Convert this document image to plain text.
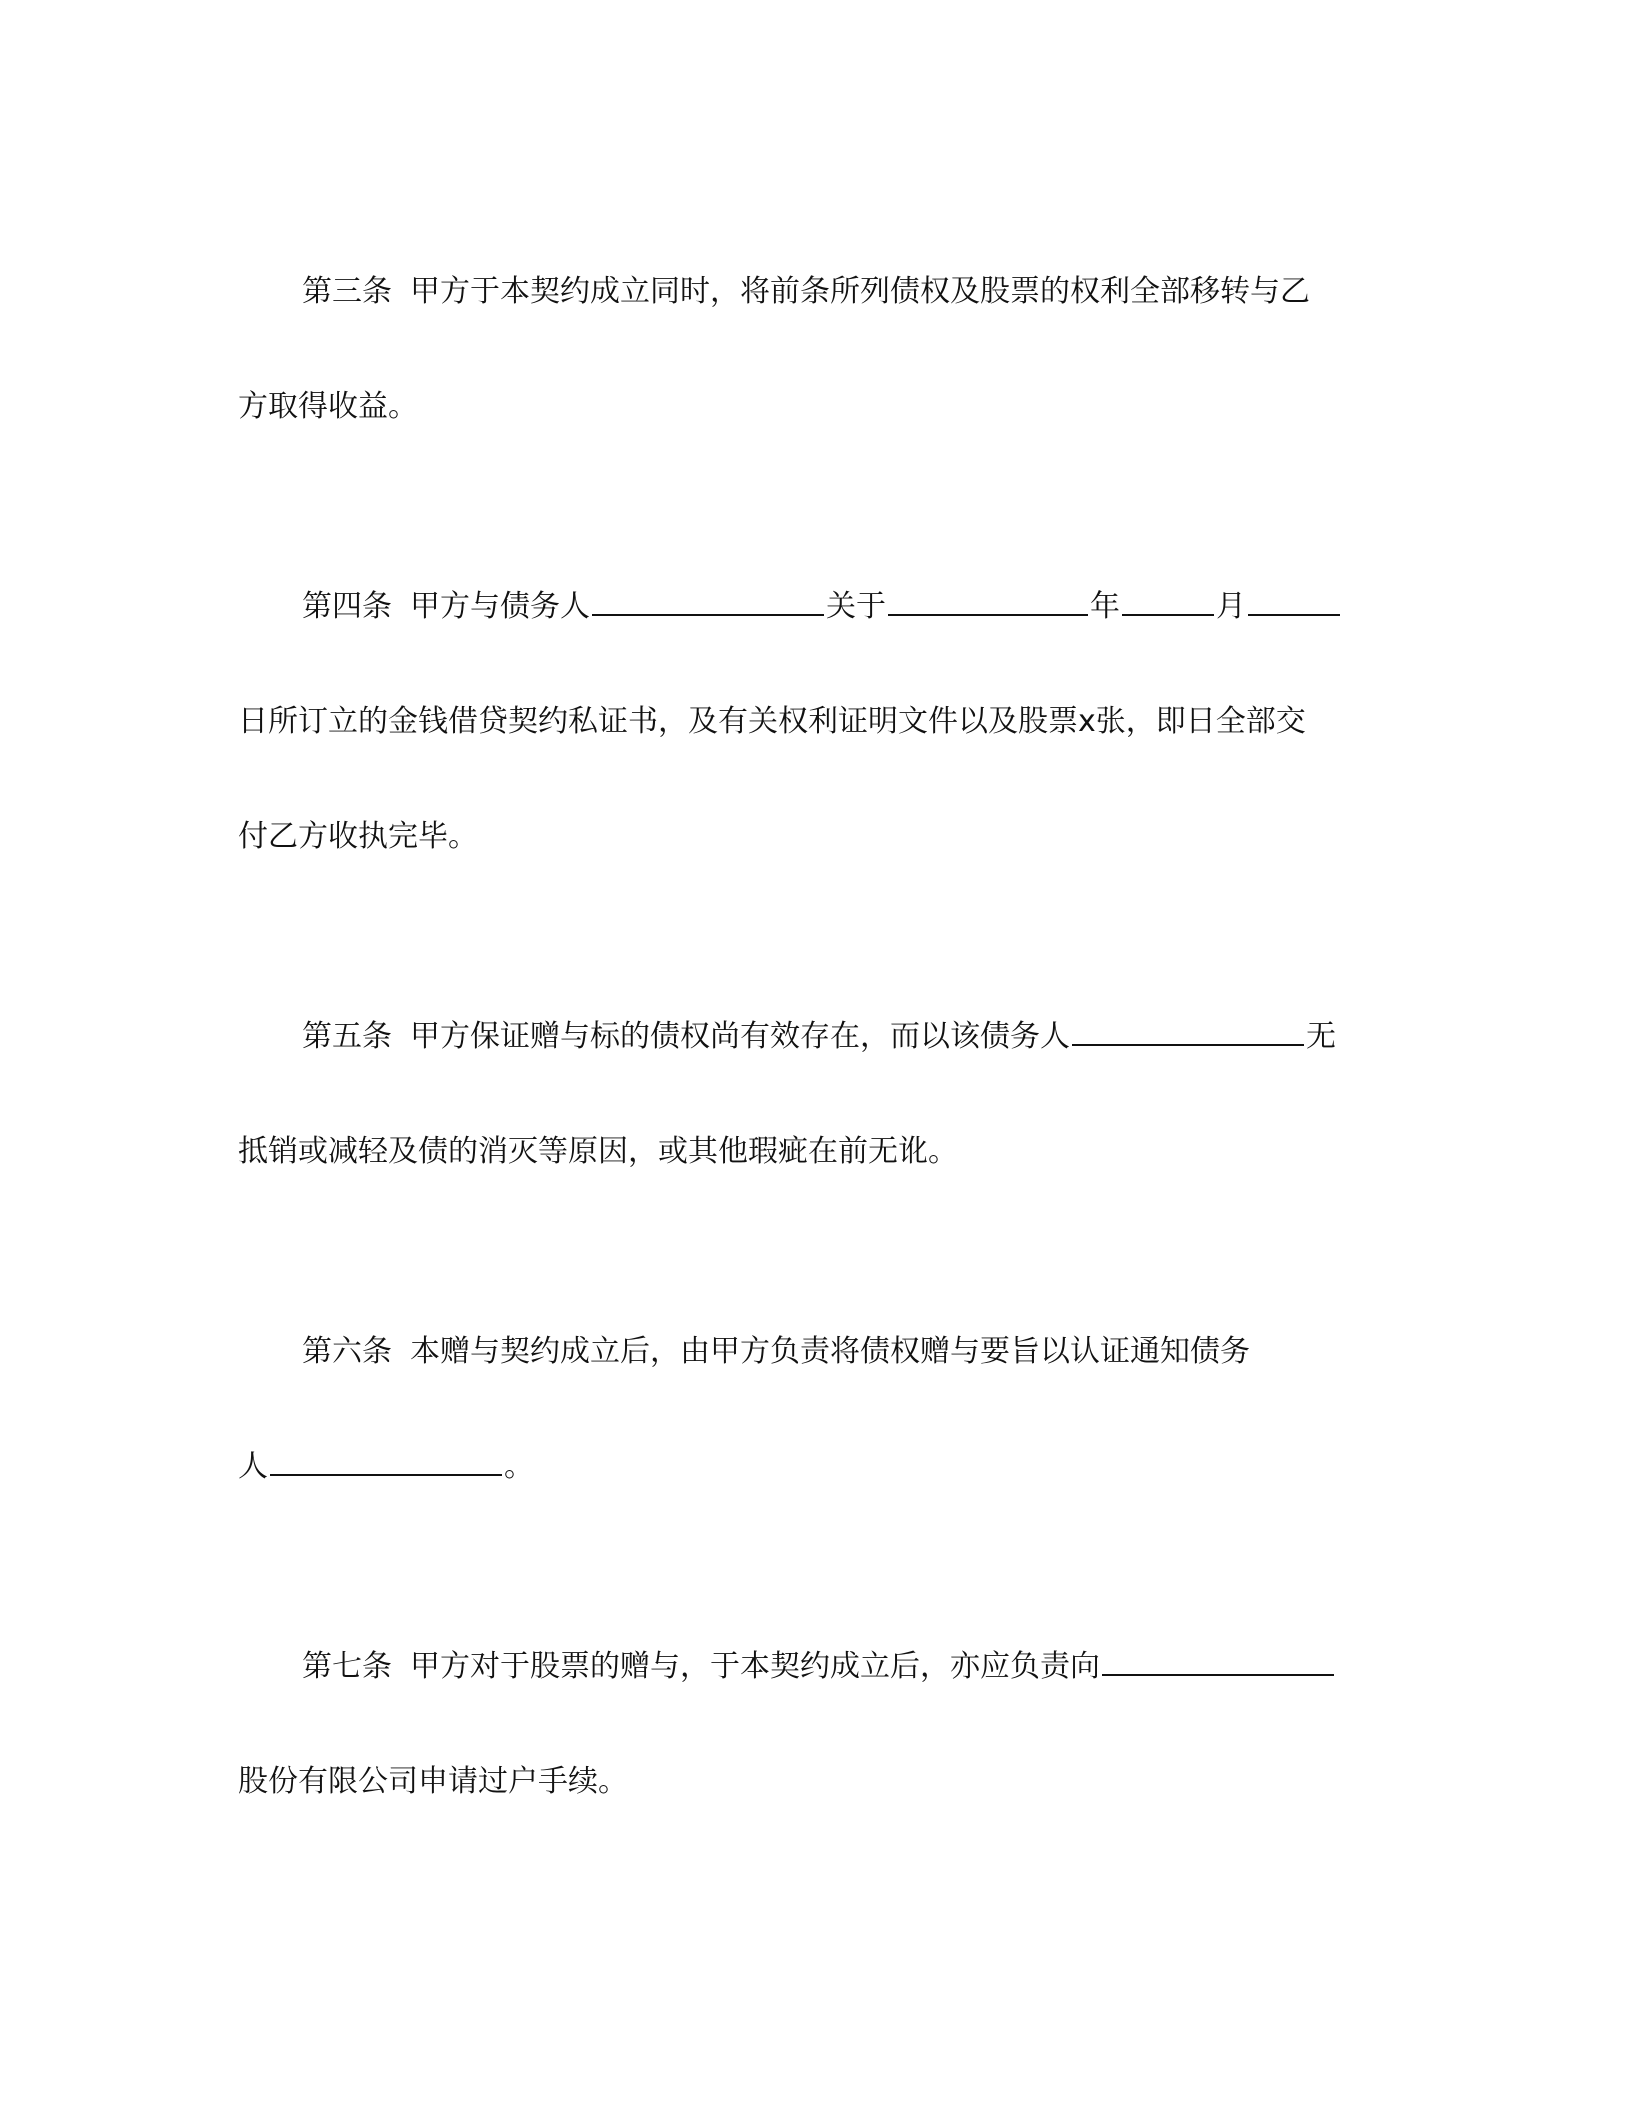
第三条 甲方于本契约成立同时，将前条所列债权及股票的权利全部移转与乙
方取得收益。
第四条 甲方与债务人	关于	年	月
日所订立的金钱借贷契约私证书，及有关权利证明文件以及股票x张，即日全部交
付乙方收执完毕。
第五条 甲方保证赠与标的债权尚有效存在，而以该债务人	无
抵销或减轻及债的消灭等原因，或其他瑕疵在前无讹。
第六条 本赠与契约成立后，由甲方负责将债权赠与要旨以认证通知债务
人	。
第七条 甲方对于股票的赠与，于本契约成立后，亦应负责向
股份有限公司申请过户手续。
